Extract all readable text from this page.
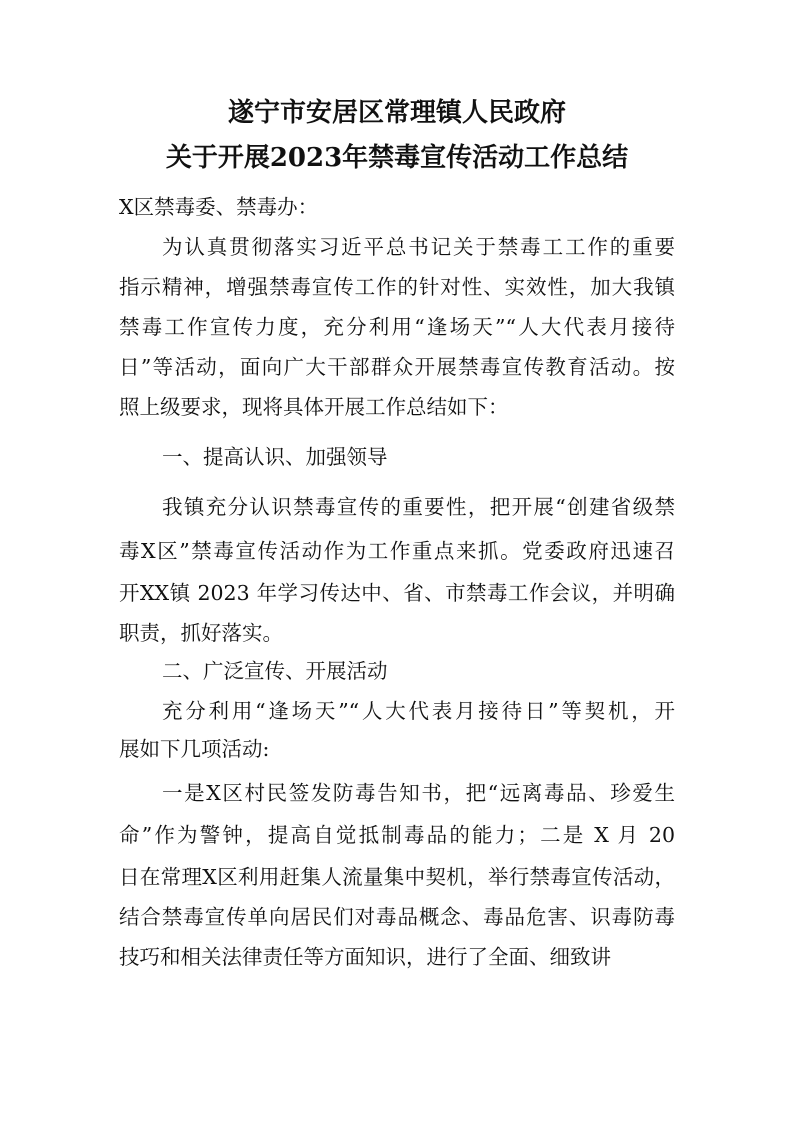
遂宁市安居区常理镇人民政府
关于开展2023年禁毒宣传活动工作总结
X区禁毒委、禁毒办：
为认真贯彻落实习近平总书记关于禁毒工工作的重要
指示精神，增强禁毒宣传工作的针对性、实效性，加大我镇
禁毒工作宣传力度，充分利用“逢场天”“人大代表月接待
日”等活动，面向广大干部群众开展禁毒宣传教育活动。按
照上级要求，现将具体开展工作总结如下：
一、提高认识、加强领导
我镇充分认识禁毒宣传的重要性，把开展“创建省级禁
毒X区”禁毒宣传活动作为工作重点来抓。党委政府迅速召
开XX镇 2023 年学习传达中、省、市禁毒工作会议，并明确
职责，抓好落实。
二、广泛宣传、开展活动
充分利用“逢场天”“人大代表月接待日”等契机，开
展如下几项活动:
一是X区村民签发防毒告知书，把“远离毒品、珍爱生
命”作为警钟，提高自觉抵制毒品的能力；二是 X 月 20
日在常理X区利用赶集人流量集中契机，举行禁毒宣传活动，
结合禁毒宣传单向居民们对毒品概念、毒品危害、识毒防毒
技巧和相关法律责任等方面知识，进行了全面、细致讲
